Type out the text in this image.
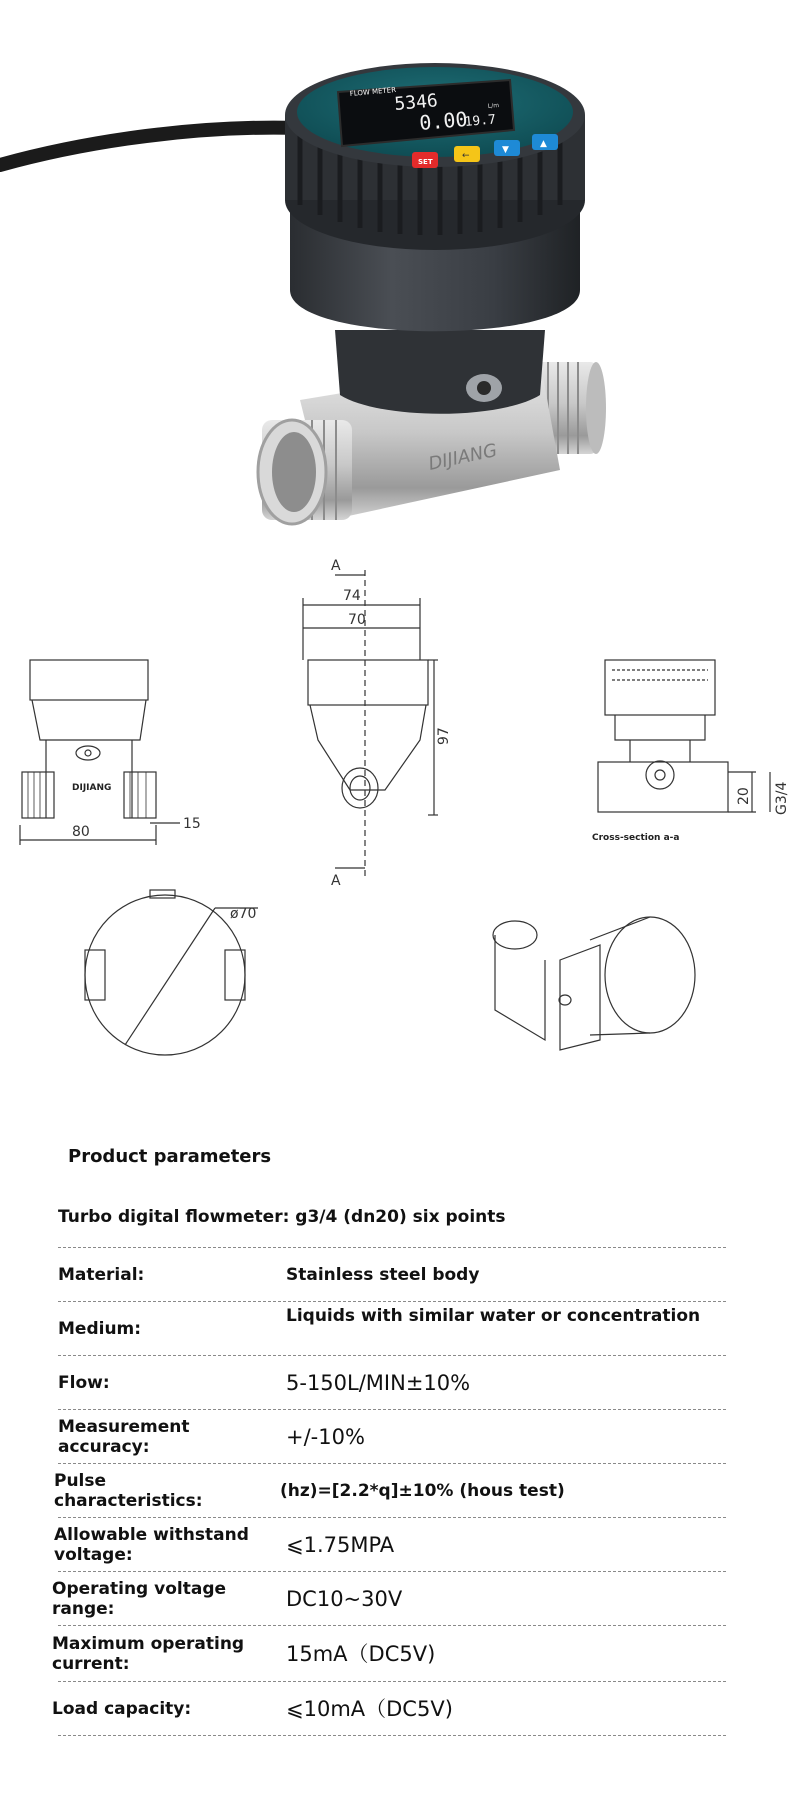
DIJIANG
FLOW METER
5346
0.00
19.7
L/m
SET
←
▼
▲
A
A
74
70
97
80	15
20 G3/4
ø70
DIJIANG
Cross-section a-a
Product parameters
Turbo digital flowmeter: g3/4 (dn20) six points
Material:	Stainless steel body
Medium:
Liquids with similar water or concentration
Flow:	5-150L/MIN±10%
Measurement accuracy:	+/-10%
Pulse characteristics:	(hz)=[2.2*q]±10% (hous test)
Allowable withstand voltage:	⩽1.75MPA
Operating voltage range:	DC10~30V
Maximum operating current:	15mA（DC5V)
Load capacity:	⩽10mA（DC5V)
